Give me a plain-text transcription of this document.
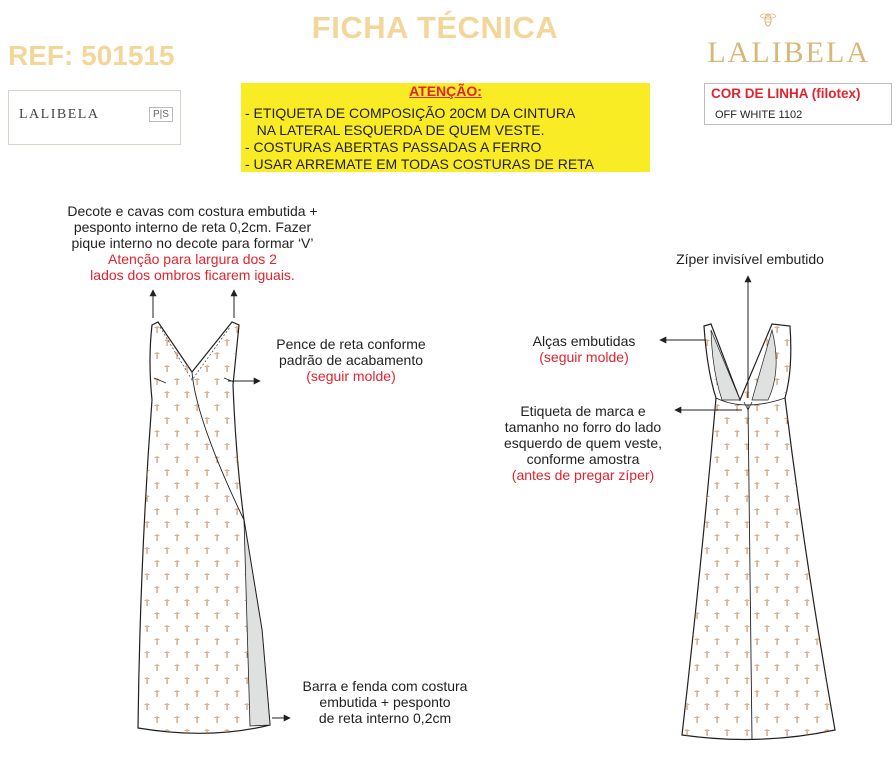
FICHA TÉCNICA
REF: 501515	LALIBELA
LALIBELA	P|S
ATENÇÃO:
- ETIQUETA DE COMPOSIÇÃO 20CM DA CINTURA
NA LATERAL ESQUERDA DE QUEM VESTE.
- COSTURAS ABERTAS PASSADAS A FERRO
- USAR ARREMATE EM TODAS COSTURAS DE RETA
COR DE LINHA (filotex)
OFF WHITE 1102
Decote e cavas com costura embutida +
pesponto interno de reta 0,2cm. Fazer
pique interno no decote para formar ‘V’
Atenção para largura dos 2
lados dos ombros ficarem iguais.
Pence de reta conforme
padrão de acabamento
(seguir molde)
Barra e fenda com costura
embutida + pesponto
de reta interno 0,2cm
Zíper invisível embutido
Alças embutidas
(seguir molde)
Etiqueta de marca e
tamanho no forro do lado
esquerdo de quem veste,
conforme amostra
(antes de pregar zíper)
